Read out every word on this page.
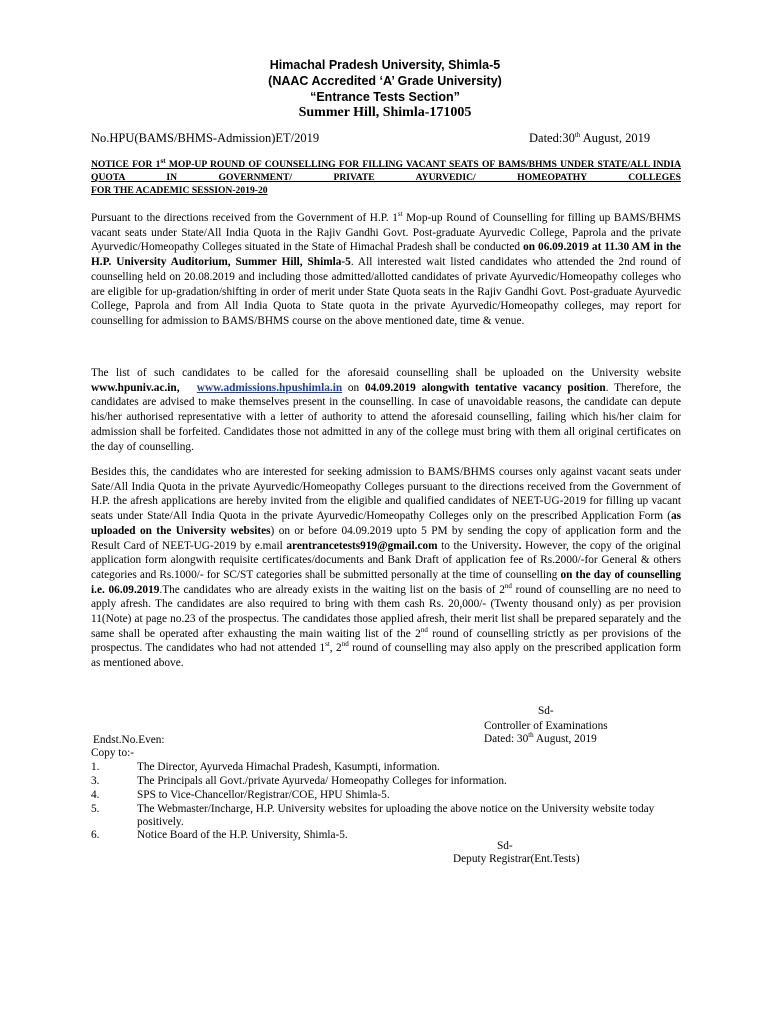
Himachal Pradesh University, Shimla-5
(NAAC Accredited ‘A’ Grade University)
“Entrance Tests Section”
Summer Hill, Shimla-171005
No.HPU(BAMS/BHMS-Admission)ET/2019	Dated:30th August, 2019
NOTICE FOR 1st MOP-UP ROUND OF COUNSELLING FOR FILLING VACANT SEATS OF BAMS/BHMS UNDER STATE/ALL INDIA QUOTA IN GOVERNMENT/ PRIVATE AYURVEDIC/ HOMEOPATHY COLLEGES
FOR THE ACADEMIC SESSION-2019-20

Pursuant to the directions received from the Government of H.P. 1st Mop-up Round of Counselling for filling up BAMS/BHMS vacant seats under State/All India Quota in the Rajiv Gandhi Govt. Post-graduate Ayurvedic College, Paprola and the private Ayurvedic/Homeopathy Colleges situated in the State of Himachal Pradesh shall be conducted on 06.09.2019 at 11.30 AM in the H.P. University Auditorium, Summer Hill, Shimla-5. All interested wait listed candidates who attended the 2nd round of counselling held on 20.08.2019 and including those admitted/allotted candidates of private Ayurvedic/Homeopathy colleges who are eligible for up-gradation/shifting in order of merit under State Quota seats in the Rajiv Gandhi Govt. Post-graduate Ayurvedic College, Paprola and from All India Quota to State quota in the private Ayurvedic/Homeopathy colleges, may report for counselling for admission to BAMS/BHMS course on the above mentioned date, time & venue.

The list of such candidates to be called for the aforesaid counselling shall be uploaded on the University website www.hpuniv.ac.in, www.admissions.hpushimla.in on 04.09.2019 alongwith tentative vacancy position. Therefore, the candidates are advised to make themselves present in the counselling. In case of unavoidable reasons, the candidate can depute his/her authorised representative with a letter of authority to attend the aforesaid counselling, failing which his/her claim for admission shall be forfeited. Candidates those not admitted in any of the college must bring with them all original certificates on the day of counselling.

Besides this, the candidates who are interested for seeking admission to BAMS/BHMS courses only against vacant seats under Sate/All India Quota in the private Ayurvedic/Homeopathy Colleges pursuant to the directions received from the Government of H.P. the afresh applications are hereby invited from the eligible and qualified candidates of NEET-UG-2019 for filling up vacant seats under State/All India Quota in the private Ayurvedic/Homeopathy Colleges only on the prescribed Application Form (as uploaded on the University websites) on or before 04.09.2019 upto 5 PM by sending the copy of application form and the Result Card of NEET-UG-2019 by e.mail arentrancetests919@gmail.com to the University. However, the copy of the original application form alongwith requisite certificates/documents and Bank Draft of application fee of Rs.2000/-for General & others categories and Rs.1000/- for SC/ST categories shall be submitted personally at the time of counselling on the day of counselling i.e. 06.09.2019.The candidates who are already exists in the waiting list on the basis of 2nd round of counselling are no need to apply afresh. The candidates are also required to bring with them cash Rs. 20,000/- (Twenty thousand only) as per provision 11(Note) at page no.23 of the prospectus. The candidates those applied afresh, their merit list shall be prepared separately and the same shall be operated after exhausting the main waiting list of the 2nd round of counselling strictly as per provisions of the prospectus. The candidates who had not attended 1st, 2nd round of counselling may also apply on the prescribed application form as mentioned above.

Sd-
Controller of Examinations
Dated: 30th August, 2019
Endst.No.Even:
Copy to:-
1.	The Director, Ayurveda Himachal Pradesh, Kasumpti, information.
3.	The Principals all Govt./private Ayurveda/ Homeopathy Colleges for information.
4.	SPS to Vice-Chancellor/Registrar/COE, HPU Shimla-5.
5.	The Webmaster/Incharge, H.P. University websites for uploading the above notice on the University website today positively.
6.	Notice Board of the H.P. University, Shimla-5.
Sd-
Deputy Registrar(Ent.Tests)
